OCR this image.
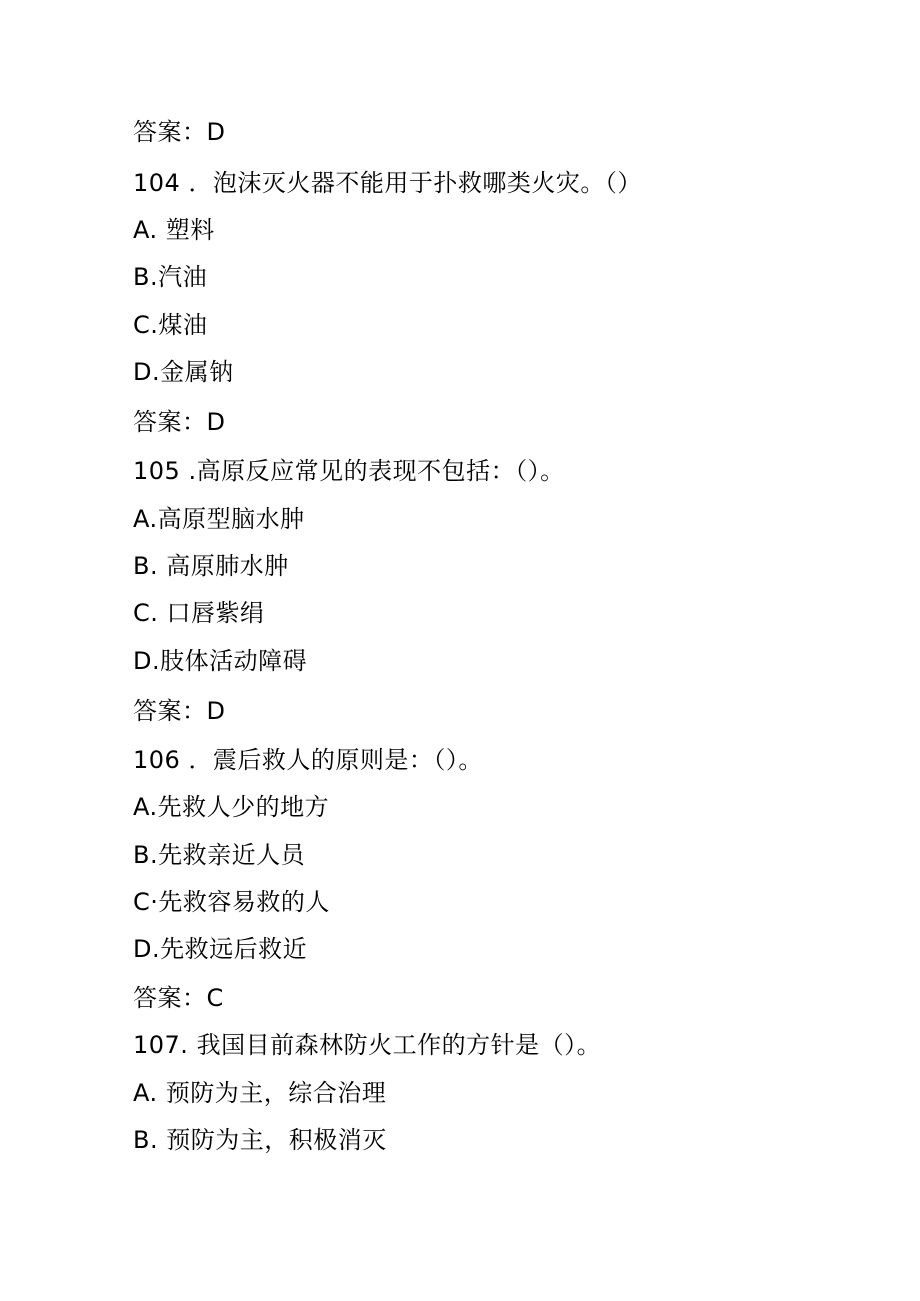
答案：D
104 ．泡沫灭火器不能用于扑救哪类火灾。（）
A. 塑料
B.汽油
C.煤油
D.金属钠
答案：D
105 .高原反应常见的表现不包括：（）。
A.高原型脑水肿
B. 高原肺水肿
C. 口唇紫绢
D.肢体活动障碍
答案：D
106 ．震后救人的原则是：（）。
A.先救人少的地方
B.先救亲近人员
C·先救容易救的人
D.先救远后救近
答案：C
107. 我国目前森林防火工作的方针是（）。
A. 预防为主，综合治理
B. 预防为主，积极消灭
